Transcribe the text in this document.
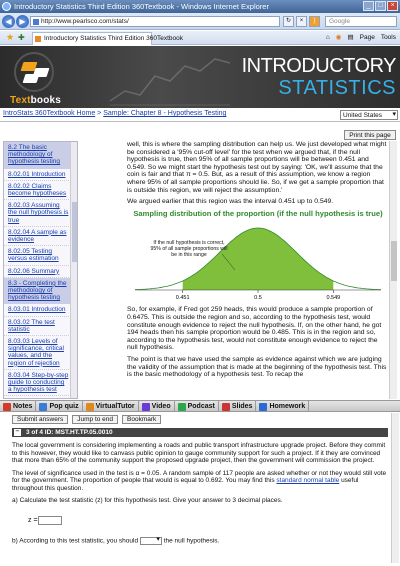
Introductory Statistics Third Edition 360Textbook - Windows Internet Explorer	_	□	×
◀ ▶	http://www.pearlsco.com/stats/	↻	×	)	Google
★ ✚	Introductory Statistics Third Edition 360Textbook	⌂ ◉ ▤ Page Tools
Textbooks
INTRODUCTORY
STATISTICS
IntroStats 360Textbook Home > Sample: Chapter 8 - Hypothesis Testing	United States ▾
Print this page
8.2 The basic methodology of hypothesis testing
8.02.01 Introduction
8.02.02 Claims become hypotheses
8.02.03 Assuming the null hypothesis is true
8.02.04 A sample as evidence
8.02.05 Testing versus estimation
8.02.06 Summary
8.3 - Completing the methodology of hypothesis testing
8.03.01 Introduction
8.03.02 The test statistic
8.03.03 Levels of significance, critical values, and the region of rejection
8.03.04 Step-by-step guide to conducting a hypothesis test

well, this is where the sampling distribution can help us. We just developed what might be considered a '95% cut-off level' for the test when we argued that, if the null hypothesis is true, then 95% of all sample proportions will be between 0.451 and 0.549. So we might start the hypothesis test out by saying: 'OK, we'll assume that the coin is fair and that π = 0.5. But, as a result of this assumption, we know a region where 95% of all sample proportions should lie. So, if we get a sample proportion that is outside this region, we will reject the assumption.'

We argued earlier that this region was the interval 0.451 up to 0.549.

Sampling distribution of the proportion (if the null hypothesis is true)
0.451	0.5	0.549
If the null hypothesis is correct, 95% of all sample proportions will be in this range

So, for example, if Fred got 259 heads, this would produce a sample proportion of 0.6475. This is outside the region and so, according to the hypothesis test, would constitute enough evidence to reject the null hypothesis. If, on the other hand, he got 194 heads then his sample proportion would be 0.485. This is in the region and so, according to the hypothesis test, would not constitute enough evidence to reject the null hypothesis.

The point is that we have used the sample as evidence against which we are judging the validity of the assumption that is made at the beginning of the hypothesis test. This is the basic methodology of a hypothesis test. To recap the

Notes Pop quiz VirtualTutor Video Podcast Slides Homework
Submit answers	Jump to end	Bookmark
– 3 of 4 ID: MST.HT.TP.05.0010

The local government is considering implementing a roads and public transport infrastructure upgrade project. Before they commit to this however, they would like to canvass public opinion to gauge community support for such a project. If it they are convinced that more than 65% of the community support the proposed upgrade project, then the government will commission the project.

The level of significance used in the test is α = 0.05. A random sample of 117 people are asked whether or not they would still vote for the government. The proportion of people that would is equal to 0.692. You may find this standard normal table useful throughout this question.

a) Calculate the test statistic (z) for this hypothesis test. Give your answer to 3 decimal places.

z =
b) According to this test statistic, you should ▾	the null hypothesis.
